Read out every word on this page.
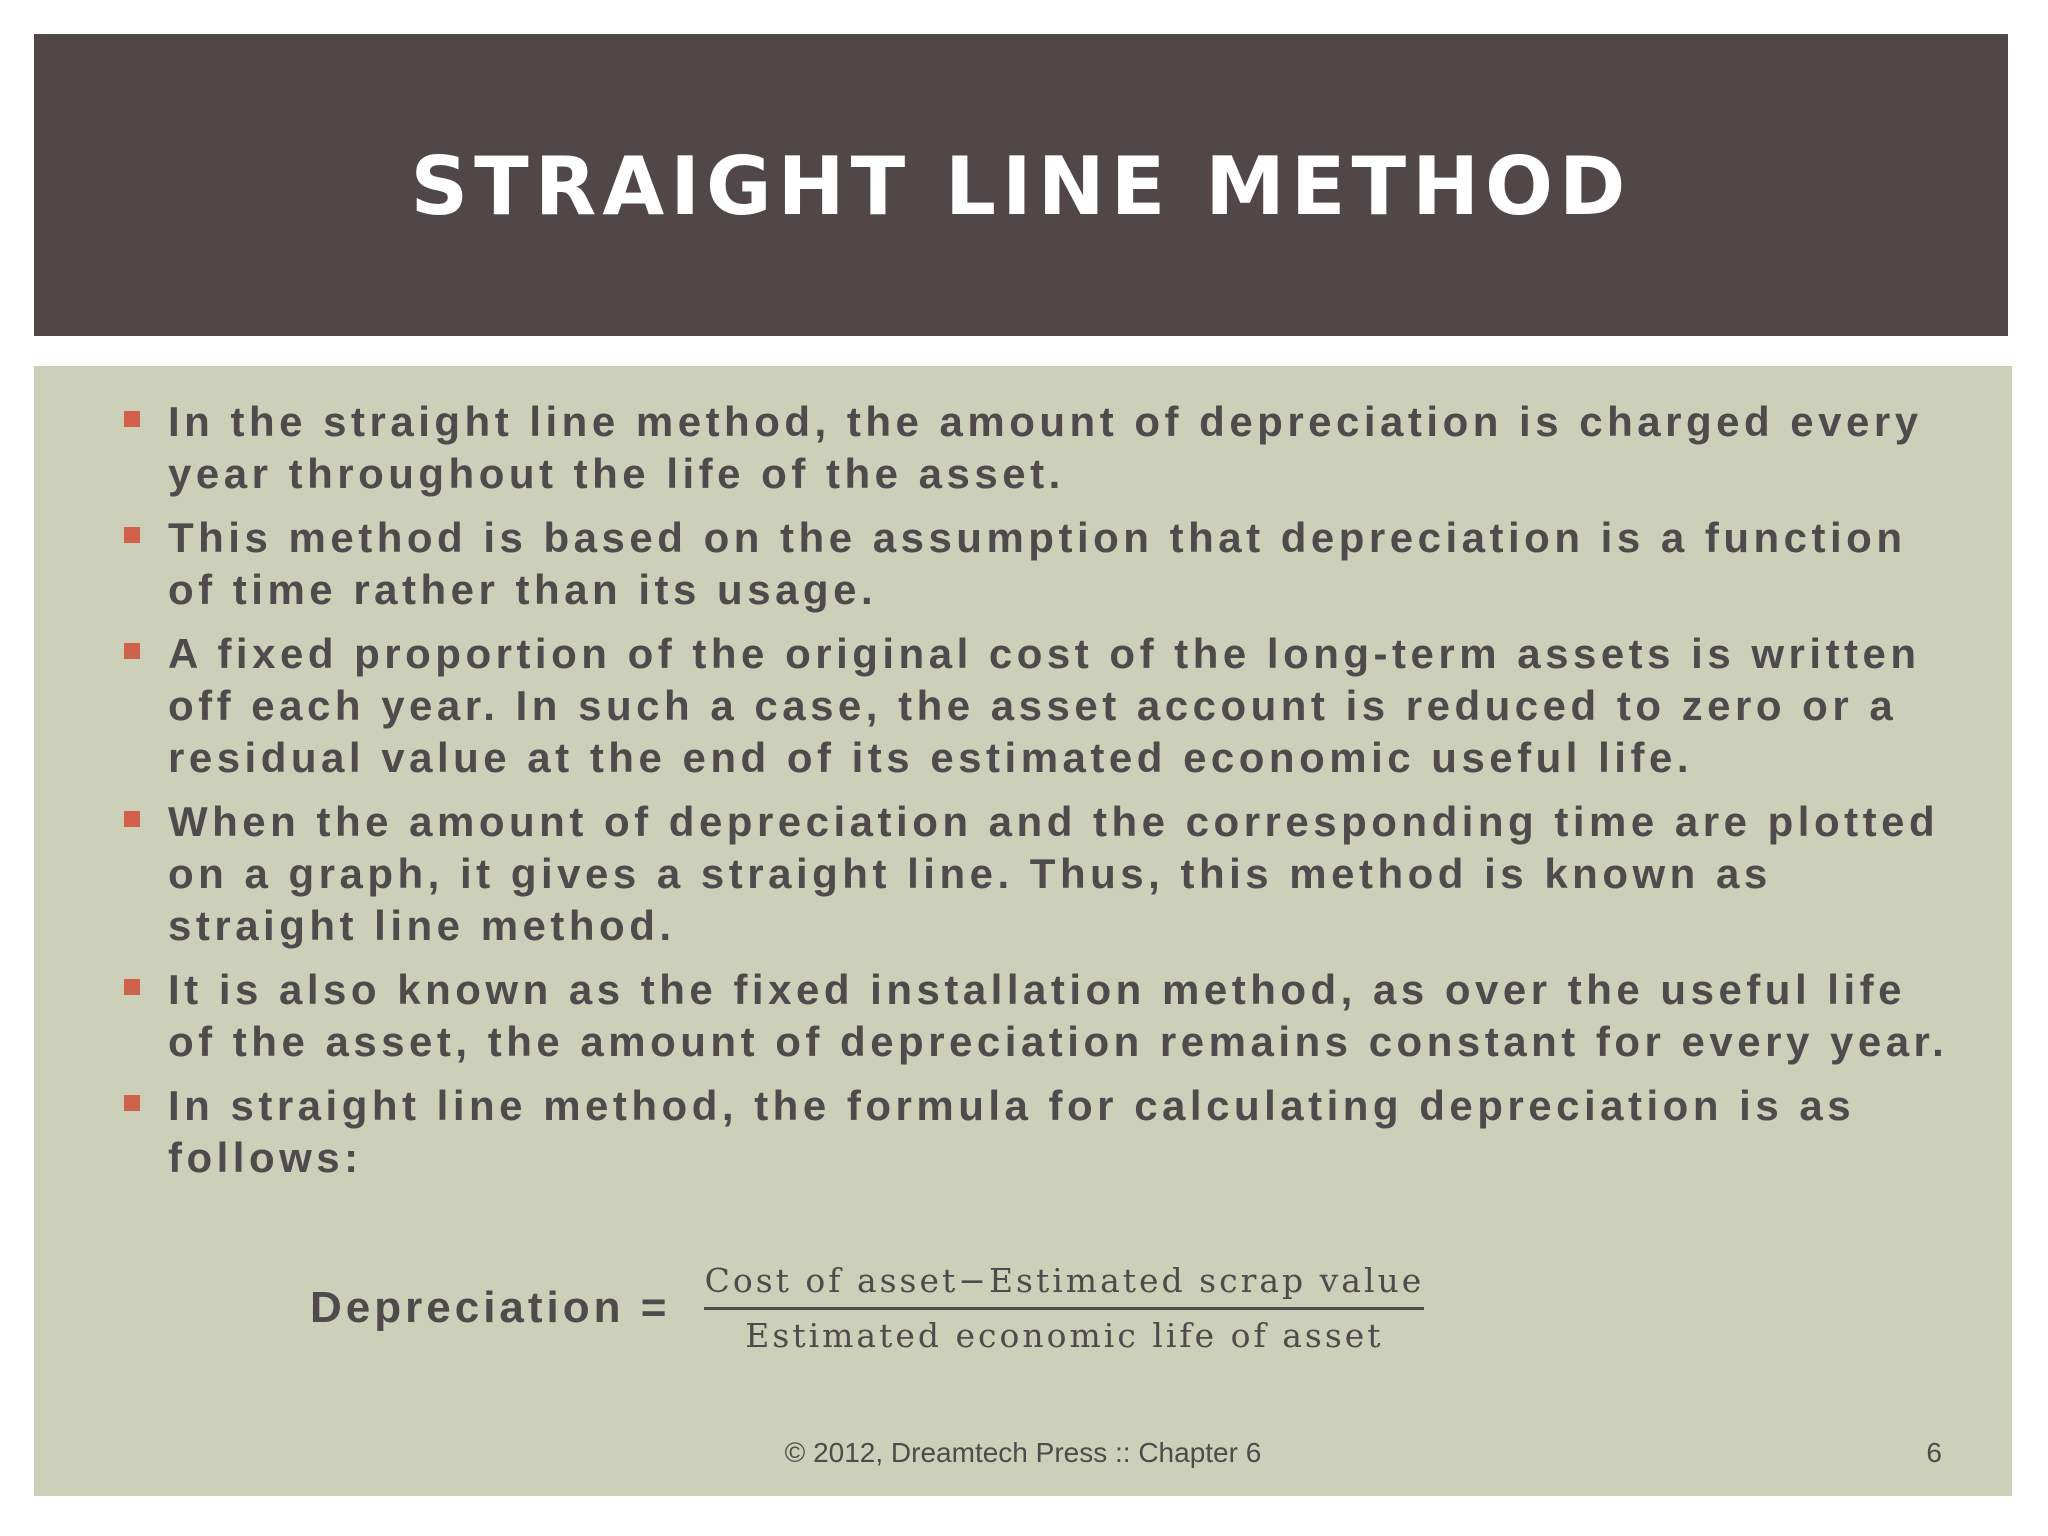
STRAIGHT LINE METHOD
In the straight line method, the amount of depreciation is charged every year throughout the life of the asset.
This method is based on the assumption that depreciation is a function of time rather than its usage.
A fixed proportion of the original cost of the long-term assets is written off each year. In such a case, the asset account is reduced to zero or a residual value at the end of its estimated economic useful life.
When the amount of depreciation and the corresponding time are plotted on a graph, it gives a straight line. Thus, this method is known as straight line method.
It is also known as the fixed installation method, as over the useful life of the asset, the amount of depreciation remains constant for every year.
In straight line method, the formula for calculating depreciation is as follows:
Depreciation = $\frac{\text{Cost of asset−Estimated scrap value}}{\text{Estimated economic life of asset}}$
© 2012, Dreamtech Press :: Chapter 6	6
